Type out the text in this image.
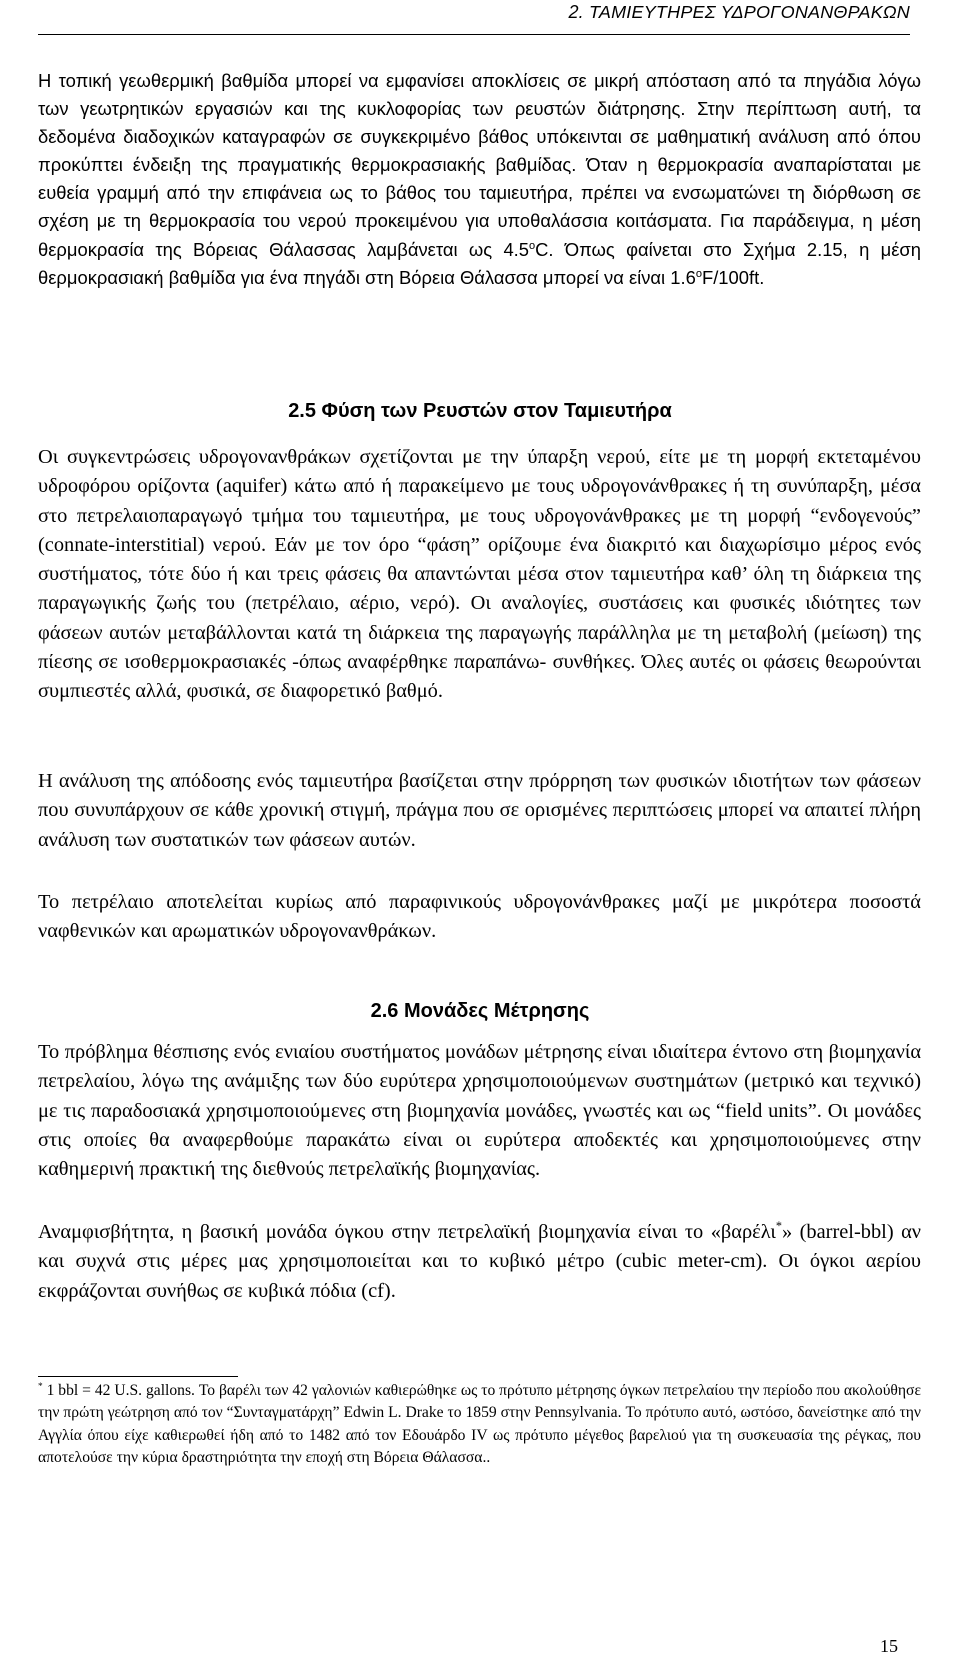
2. ΤΑΜΙΕΥΤΗΡΕΣ ΥΔΡΟΓΟΝΑΝΘΡΑΚΩΝ
Η τοπική γεωθερμική βαθμίδα μπορεί να εμφανίσει αποκλίσεις σε μικρή απόσταση από τα πηγάδια λόγω των γεωτρητικών εργασιών και της κυκλοφορίας των ρευστών διάτρησης. Στην περίπτωση αυτή, τα δεδομένα διαδοχικών καταγραφών σε συγκεκριμένο βάθος υπόκεινται σε μαθηματική ανάλυση από όπου προκύπτει ένδειξη της πραγματικής θερμοκρασιακής βαθμίδας. Όταν η θερμοκρασία αναπαρίσταται με ευθεία γραμμή από την επιφάνεια ως το βάθος του ταμιευτήρα, πρέπει να ενσωματώνει τη διόρθωση σε σχέση με τη θερμοκρασία του νερού προκειμένου για υποθαλάσσια κοιτάσματα. Για παράδειγμα, η μέση θερμοκρασία της Βόρειας Θάλασσας λαμβάνεται ως 4.5$^o$C. Όπως φαίνεται στο Σχήμα 2.15, η μέση θερμοκρασιακή βαθμίδα για ένα πηγάδι στη Βόρεια Θάλασσα μπορεί να είναι 1.6$^o$F/100ft.
2.5 Φύση των Ρευστών στον Ταμιευτήρα
Οι συγκεντρώσεις υδρογονανθράκων σχετίζονται με την ύπαρξη νερού, είτε με τη μορφή εκτεταμένου υδροφόρου ορίζοντα (aquifer) κάτω από ή παρακείμενο με τους υδρογονάνθρακες ή τη συνύπαρξη, μέσα στο πετρελαιοπαραγωγό τμήμα του ταμιευτήρα, με τους υδρογονάνθρακες με τη μορφή “ενδογενούς” (connate-interstitial) νερού. Εάν με τον όρο “φάση” ορίζουμε ένα διακριτό και διαχωρίσιμο μέρος ενός συστήματος, τότε δύο ή και τρεις φάσεις θα απαντώνται μέσα στον ταμιευτήρα καθ’ όλη τη διάρκεια της παραγωγικής ζωής του (πετρέλαιο, αέριο, νερό). Οι αναλογίες, συστάσεις και φυσικές ιδιότητες των φάσεων αυτών μεταβάλλονται κατά τη διάρκεια της παραγωγής παράλληλα με τη μεταβολή (μείωση) της πίεσης σε ισοθερμοκρασιακές -όπως αναφέρθηκε παραπάνω- συνθήκες. Όλες αυτές οι φάσεις θεωρούνται συμπιεστές αλλά, φυσικά, σε διαφορετικό βαθμό.
Η ανάλυση της απόδοσης ενός ταμιευτήρα βασίζεται στην πρόρρηση των φυσικών ιδιοτήτων των φάσεων που συνυπάρχουν σε κάθε χρονική στιγμή, πράγμα που σε ορισμένες περιπτώσεις μπορεί να απαιτεί πλήρη ανάλυση των συστατικών των φάσεων αυτών.
Το πετρέλαιο αποτελείται κυρίως από παραφινικούς υδρογονάνθρακες μαζί με μικρότερα ποσοστά ναφθενικών και αρωματικών υδρογονανθράκων.
2.6 Μονάδες Μέτρησης
Το πρόβλημα θέσπισης ενός ενιαίου συστήματος μονάδων μέτρησης είναι ιδιαίτερα έντονο στη βιομηχανία πετρελαίου, λόγω της ανάμιξης των δύο ευρύτερα χρησιμοποιούμενων συστημάτων (μετρικό και τεχνικό) με τις παραδοσιακά χρησιμοποιούμενες στη βιομηχανία μονάδες, γνωστές και ως “field units”. Οι μονάδες στις οποίες θα αναφερθούμε παρακάτω είναι οι ευρύτερα αποδεκτές και χρησιμοποιούμενες στην καθημερινή πρακτική της διεθνούς πετρελαϊκής βιομηχανίας.
Αναμφισβήτητα, η βασική μονάδα όγκου στην πετρελαϊκή βιομηχανία είναι το «βαρέλι*» (barrel-bbl) αν και συχνά στις μέρες μας χρησιμοποιείται και το κυβικό μέτρο (cubic meter-cm). Οι όγκοι αερίου εκφράζονται συνήθως σε κυβικά πόδια (cf).
* 1 bbl = 42 U.S. gallons. Το βαρέλι των 42 γαλονιών καθιερώθηκε ως το πρότυπο μέτρησης όγκων πετρελαίου την περίοδο που ακολούθησε την πρώτη γεώτρηση από τον “Συνταγματάρχη” Edwin L. Drake το 1859 στην Pennsylvania. Το πρότυπο αυτό, ωστόσο, δανείστηκε από την Αγγλία όπου είχε καθιερωθεί ήδη από το 1482 από τον Εδουάρδο IV ως πρότυπο μέγεθος βαρελιού για τη συσκευασία της ρέγκας, που αποτελούσε την κύρια δραστηριότητα την εποχή στη Βόρεια Θάλασσα..
15
